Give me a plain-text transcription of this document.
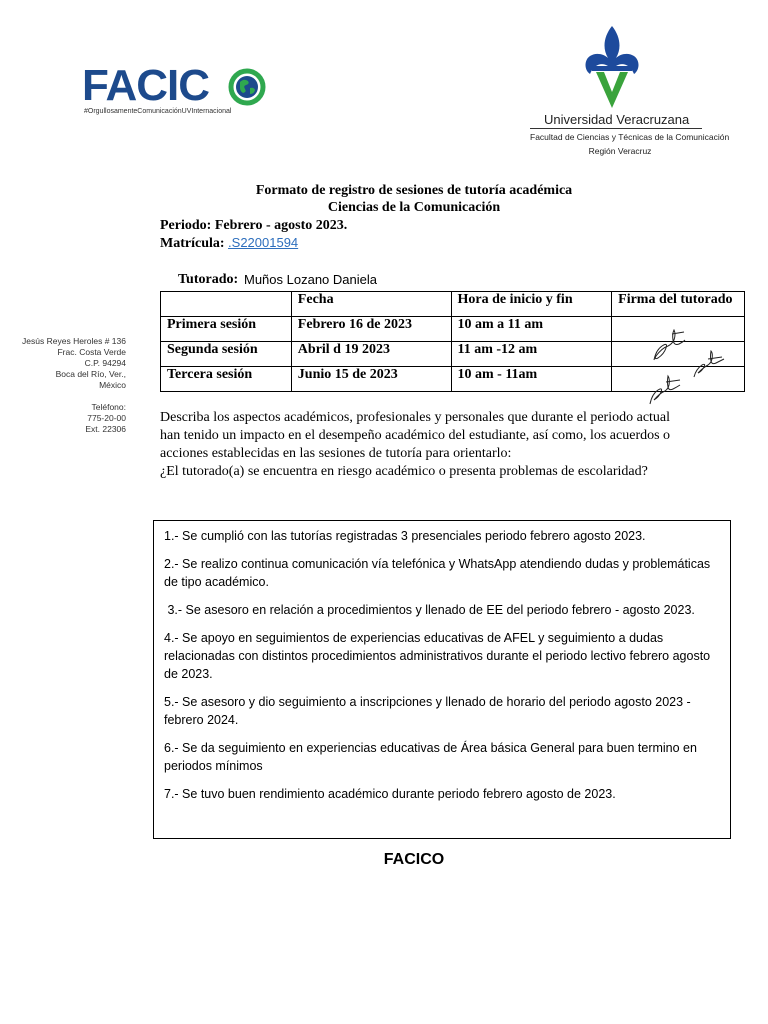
FACIC
#OrgullosamenteComunicaciónUVInternacional
Universidad Veracruzana
Facultad de Ciencias y Técnicas de la Comunicación
Región Veracruz
Formato de registro de sesiones de tutoría académica
Ciencias de la Comunicación
Periodo: Febrero - agosto 2023.
Matrícula: .S22001594
Tutorado: Muños Lozano Daniela
Jesús Reyes Heroles # 136
Frac. Costa Verde
C.P. 94294
Boca del Río, Ver.,
México
Teléfono:
775-20-00
Ext. 22306
	Fecha	Hora de inicio y fin	Firma del tutorado
Primera sesión	Febrero 16 de 2023	10 am a 11 am	
Segunda sesión	Abril d 19 2023	11 am -12 am	
Tercera sesión	Junio 15 de 2023	10 am - 11am	
Describa los aspectos académicos, profesionales y personales que durante el periodo actual
han tenido un impacto en el desempeño académico del estudiante, así como, los acuerdos o
acciones establecidas en las sesiones de tutoría para orientarlo:
¿El tutorado(a) se encuentra en riesgo académico o presenta problemas de escolaridad?

1.- Se cumplió con las tutorías registradas 3 presenciales periodo febrero agosto 2023.

2.- Se realizo continua comunicación vía telefónica y WhatsApp atendiendo dudas y problemáticas de tipo académico.

3.- Se asesoro en relación a procedimientos y llenado de EE del periodo febrero - agosto 2023.

4.- Se apoyo en seguimientos de experiencias educativas de AFEL y seguimiento a dudas relacionadas con distintos procedimientos administrativos durante el periodo lectivo febrero agosto de 2023.

5.- Se asesoro y dio seguimiento a inscripciones y llenado de horario del periodo agosto 2023 - febrero 2024.

6.- Se da seguimiento en experiencias educativas de Área básica General para buen termino en periodos mínimos

7.- Se tuvo buen rendimiento académico durante periodo febrero agosto de 2023.

FACICO
